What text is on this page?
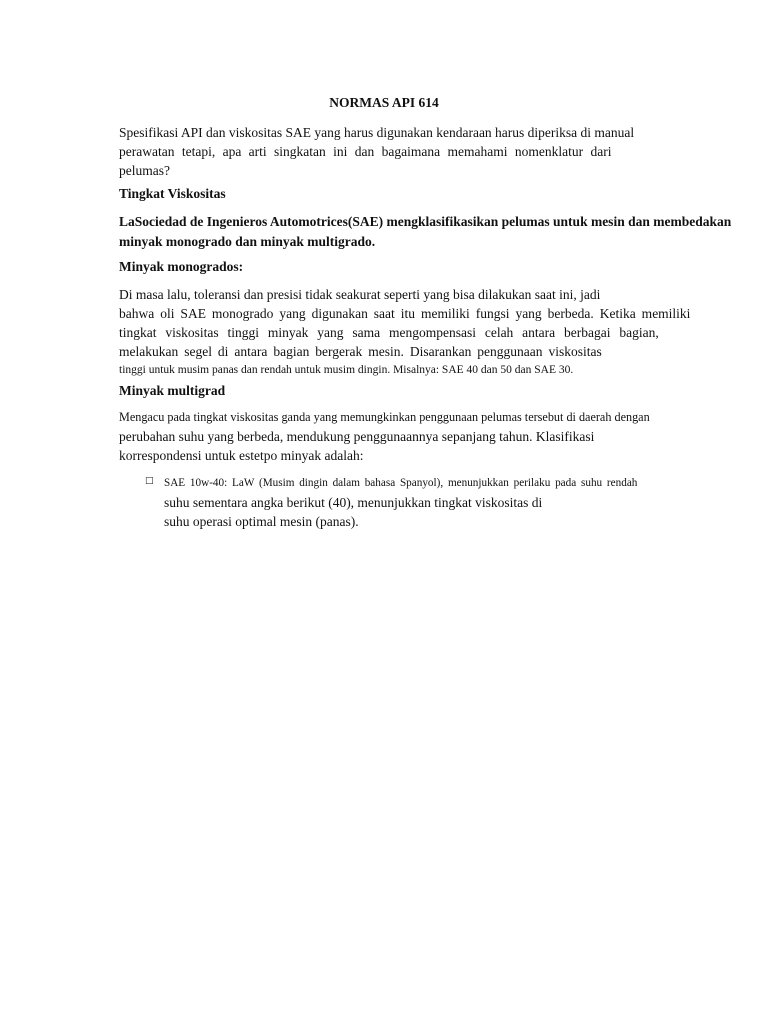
NORMAS API 614
Spesifikasi API dan viskositas SAE yang harus digunakan kendaraan harus diperiksa di manual
perawatan tetapi, apa arti singkatan ini dan bagaimana memahami nomenklatur dari
pelumas?
Tingkat Viskositas
LaSociedad de Ingenieros Automotrices(SAE) mengklasifikasikan pelumas untuk mesin dan membedakan
minyak monogrado dan minyak multigrado.
Minyak monogrados:
Di masa lalu, toleransi dan presisi tidak seakurat seperti yang bisa dilakukan saat ini, jadi
bahwa oli SAE monogrado yang digunakan saat itu memiliki fungsi yang berbeda. Ketika memiliki
tingkat viskositas tinggi minyak yang sama mengompensasi celah antara berbagai bagian,
melakukan segel di antara bagian bergerak mesin. Disarankan penggunaan viskositas
tinggi untuk musim panas dan rendah untuk musim dingin. Misalnya: SAE 40 dan 50 dan SAE 30.
Minyak multigrad
Mengacu pada tingkat viskositas ganda yang memungkinkan penggunaan pelumas tersebut di daerah dengan
perubahan suhu yang berbeda, mendukung penggunaannya sepanjang tahun. Klasifikasi
korrespondensi untuk estetpo minyak adalah:
□ SAE 10w-40: LaW (Musim dingin dalam bahasa Spanyol), menunjukkan perilaku pada suhu rendah
suhu sementara angka berikut (40), menunjukkan tingkat viskositas di
suhu operasi optimal mesin (panas).
